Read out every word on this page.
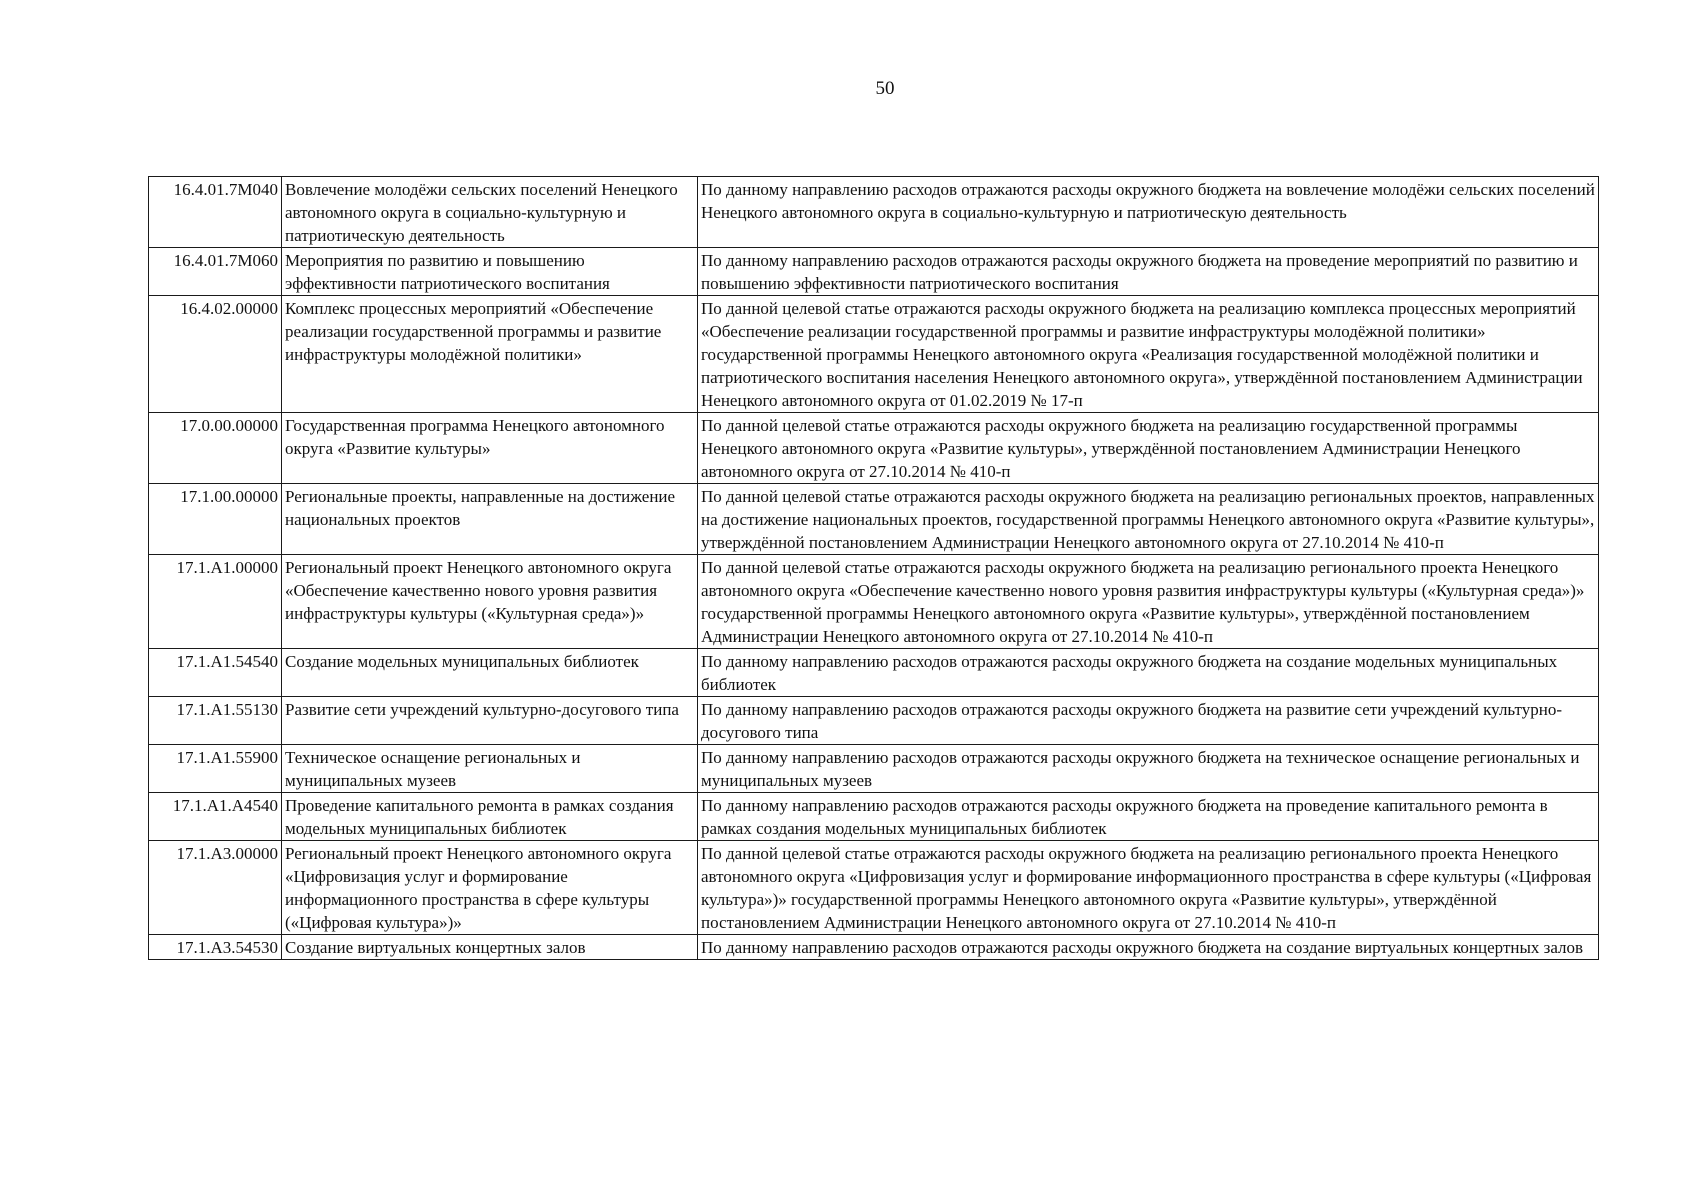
50
16.4.01.7М040	Вовлечение молодёжи сельских поселений Ненецкого автономного округа в социально-культурную и патриотическую деятельность	По данному направлению расходов отражаются расходы окружного бюджета на вовлечение молодёжи сельских поселений Ненецкого автономного округа в социально-культурную и патриотическую деятельность
16.4.01.7М060	Мероприятия по развитию и повышению эффективности патриотического воспитания	По данному направлению расходов отражаются расходы окружного бюджета на проведение мероприятий по развитию и повышению эффективности патриотического воспитания
16.4.02.00000	Комплекс процессных мероприятий «Обеспечение реализации государственной программы и развитие инфраструктуры молодёжной политики»	По данной целевой статье отражаются расходы окружного бюджета на реализацию комплекса процессных мероприятий «Обеспечение реализации государственной программы и развитие инфраструктуры молодёжной политики» государственной программы Ненецкого автономного округа «Реализация государственной молодёжной политики и патриотического воспитания населения Ненецкого автономного округа», утверждённой постановлением Администрации Ненецкого автономного округа от 01.02.2019 № 17-п
17.0.00.00000	Государственная программа Ненецкого автономного округа «Развитие культуры»	По данной целевой статье отражаются расходы окружного бюджета на реализацию государственной программы Ненецкого автономного округа «Развитие культуры», утверждённой постановлением Администрации Ненецкого автономного округа от 27.10.2014 № 410-п
17.1.00.00000	Региональные проекты, направленные на достижение национальных проектов	По данной целевой статье отражаются расходы окружного бюджета на реализацию региональных проектов, направленных на достижение национальных проектов, государственной программы Ненецкого автономного округа «Развитие культуры», утверждённой постановлением Администрации Ненецкого автономного округа от 27.10.2014 № 410-п
17.1.А1.00000	Региональный проект Ненецкого автономного округа «Обеспечение качественно нового уровня развития инфраструктуры культуры («Культурная среда»)»	По данной целевой статье отражаются расходы окружного бюджета на реализацию регионального проекта Ненецкого автономного округа «Обеспечение качественно нового уровня развития инфраструктуры культуры («Культурная среда»)» государственной программы Ненецкого автономного округа «Развитие культуры», утверждённой постановлением Администрации Ненецкого автономного округа от 27.10.2014 № 410-п
17.1.А1.54540	Создание модельных муниципальных библиотек	По данному направлению расходов отражаются расходы окружного бюджета на создание модельных муниципальных библиотек
17.1.А1.55130	Развитие сети учреждений культурно-досугового типа	По данному направлению расходов отражаются расходы окружного бюджета на развитие сети учреждений культурно-досугового типа
17.1.А1.55900	Техническое оснащение региональных и муниципальных музеев	По данному направлению расходов отражаются расходы окружного бюджета на техническое оснащение региональных и муниципальных музеев
17.1.А1.А4540	Проведение капитального ремонта в рамках создания модельных муниципальных библиотек	По данному направлению расходов отражаются расходы окружного бюджета на проведение капитального ремонта в рамках создания модельных муниципальных библиотек
17.1.А3.00000	Региональный проект Ненецкого автономного округа «Цифровизация услуг и формирование информационного пространства в сфере культуры («Цифровая культура»)»	По данной целевой статье отражаются расходы окружного бюджета на реализацию регионального проекта Ненецкого автономного округа «Цифровизация услуг и формирование информационного пространства в сфере культуры («Цифровая культура»)» государственной программы Ненецкого автономного округа «Развитие культуры», утверждённой постановлением Администрации Ненецкого автономного округа от 27.10.2014 № 410-п
17.1.А3.54530	Создание виртуальных концертных залов	По данному направлению расходов отражаются расходы окружного бюджета на создание виртуальных концертных залов
